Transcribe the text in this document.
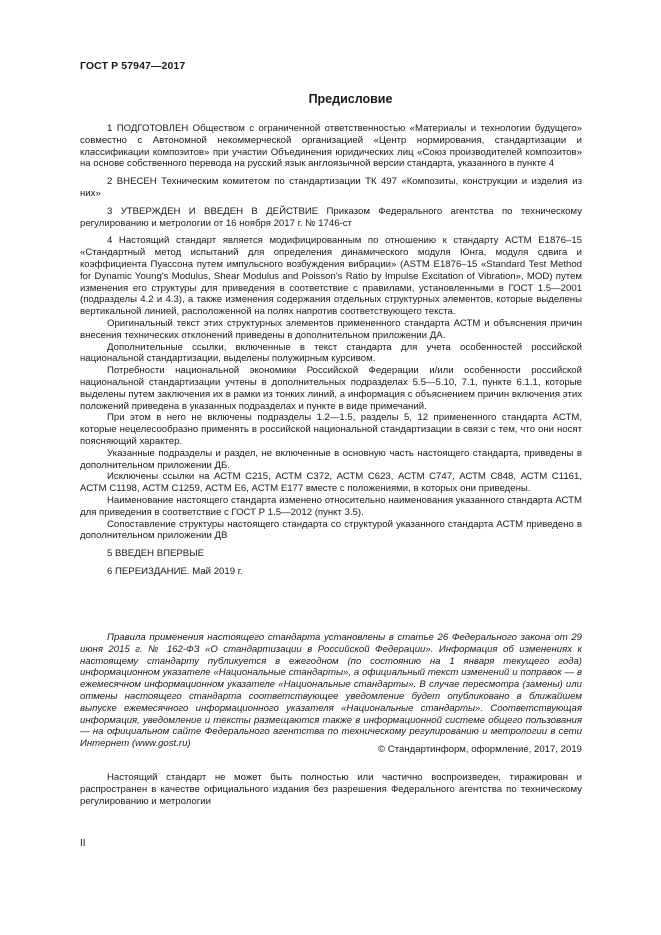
ГОСТ Р 57947—2017
Предисловие

1 ПОДГОТОВЛЕН Обществом с ограниченной ответственностью «Материалы и технологии будущего» совместно с Автономной некоммерческой организацией «Центр нормирования, стандартизации и классификации композитов» при участии Объединения юридических лиц «Союз производителей композитов» на основе собственного перевода на русский язык англоязычной версии стандарта, указанного в пункте 4

2 ВНЕСЕН Техническим комитетом по стандартизации ТК 497 «Композиты, конструкции и изделия из них»

3 УТВЕРЖДЕН И ВВЕДЕН В ДЕЙСТВИЕ Приказом Федерального агентства по техническому регулированию и метрологии от 16 ноября 2017 г. № 1746-ст

4 Настоящий стандарт является модифицированным по отношению к стандарту АСТМ Е1876–15 «Стандартный метод испытаний для определения динамического модуля Юнга, модуля сдвига и коэффициента Пуассона путем импульсного возбуждения вибрации» (ASTM E1876–15 «Standard Test Method for Dynamic Young's Modulus, Shear Modulus and Poisson's Ratio by Impulse Excitation of Vibration», MOD) путем изменения его структуры для приведения в соответствие с правилами, установленными в ГОСТ 1.5—2001 (подразделы 4.2 и 4.3), а также изменения содержания отдельных структурных элементов, которые выделены вертикальной линией, расположенной на полях напротив соответствующего текста.

Оригинальный текст этих структурных элементов примененного стандарта АСТМ и объяснения причин внесения технических отклонений приведены в дополнительном приложении ДА.

Дополнительные ссылки, включенные в текст стандарта для учета особенностей российской национальной стандартизации, выделены полужирным курсивом.

Потребности национальной экономики Российской Федерации и/или особенности российской национальной стандартизации учтены в дополнительных подразделах 5.5—5.10, 7.1, пункте 6.1.1, которые выделены путем заключения их в рамки из тонких линий, а информация с объяснением причин включения этих положений приведена в указанных подразделах и пункте в виде примечаний.

При этом в него не включены подразделы 1.2—1.5, разделы 5, 12 примененного стандарта АСТМ, которые нецелесообразно применять в российской национальной стандартизации в связи с тем, что они носят поясняющий характер.

Указанные подразделы и раздел, не включенные в основную часть настоящего стандарта, приведены в дополнительном приложении ДБ.

Исключены ссылки на АСТМ С215, АСТМ С372, АСТМ С623, АСТМ С747, АСТМ С848, АСТМ С1161, АСТМ С1198, АСТМ С1259, АСТМ Е6, АСТМ Е177 вместе с положениями, в которых они приведены.

Наименование настоящего стандарта изменено относительно наименования указанного стандарта АСТМ для приведения в соответствие с ГОСТ Р 1.5—2012 (пункт 3.5).

Сопоставление структуры настоящего стандарта со структурой указанного стандарта АСТМ приведено в дополнительном приложении ДВ

5 ВВЕДЕН ВПЕРВЫЕ

6 ПЕРЕИЗДАНИЕ. Май 2019 г.

Правила применения настоящего стандарта установлены в статье 26 Федерального закона от 29 июня 2015 г. № 162-ФЗ «О стандартизации в Российской Федерации». Информация об изменениях к настоящему стандарту публикуется в ежегодном (по состоянию на 1 января текущего года) информационном указателе «Национальные стандарты», а официальный текст изменений и поправок — в ежемесячном информационном указателе «Национальные стандарты». В случае пересмотра (замены) или отмены настоящего стандарта соответствующее уведомление будет опубликовано в ближайшем выпуске ежемесячного информационного указателя «Национальные стандарты». Соответствующая информация, уведомление и тексты размещаются также в информационной системе общего пользования — на официальном сайте Федерального агентства по техническому регулированию и метрологии в сети Интернет (www.gost.ru)

© Стандартинформ, оформление, 2017, 2019

Настоящий стандарт не может быть полностью или частично воспроизведен, тиражирован и распространен в качестве официального издания без разрешения Федерального агентства по техническому регулированию и метрологии

II
